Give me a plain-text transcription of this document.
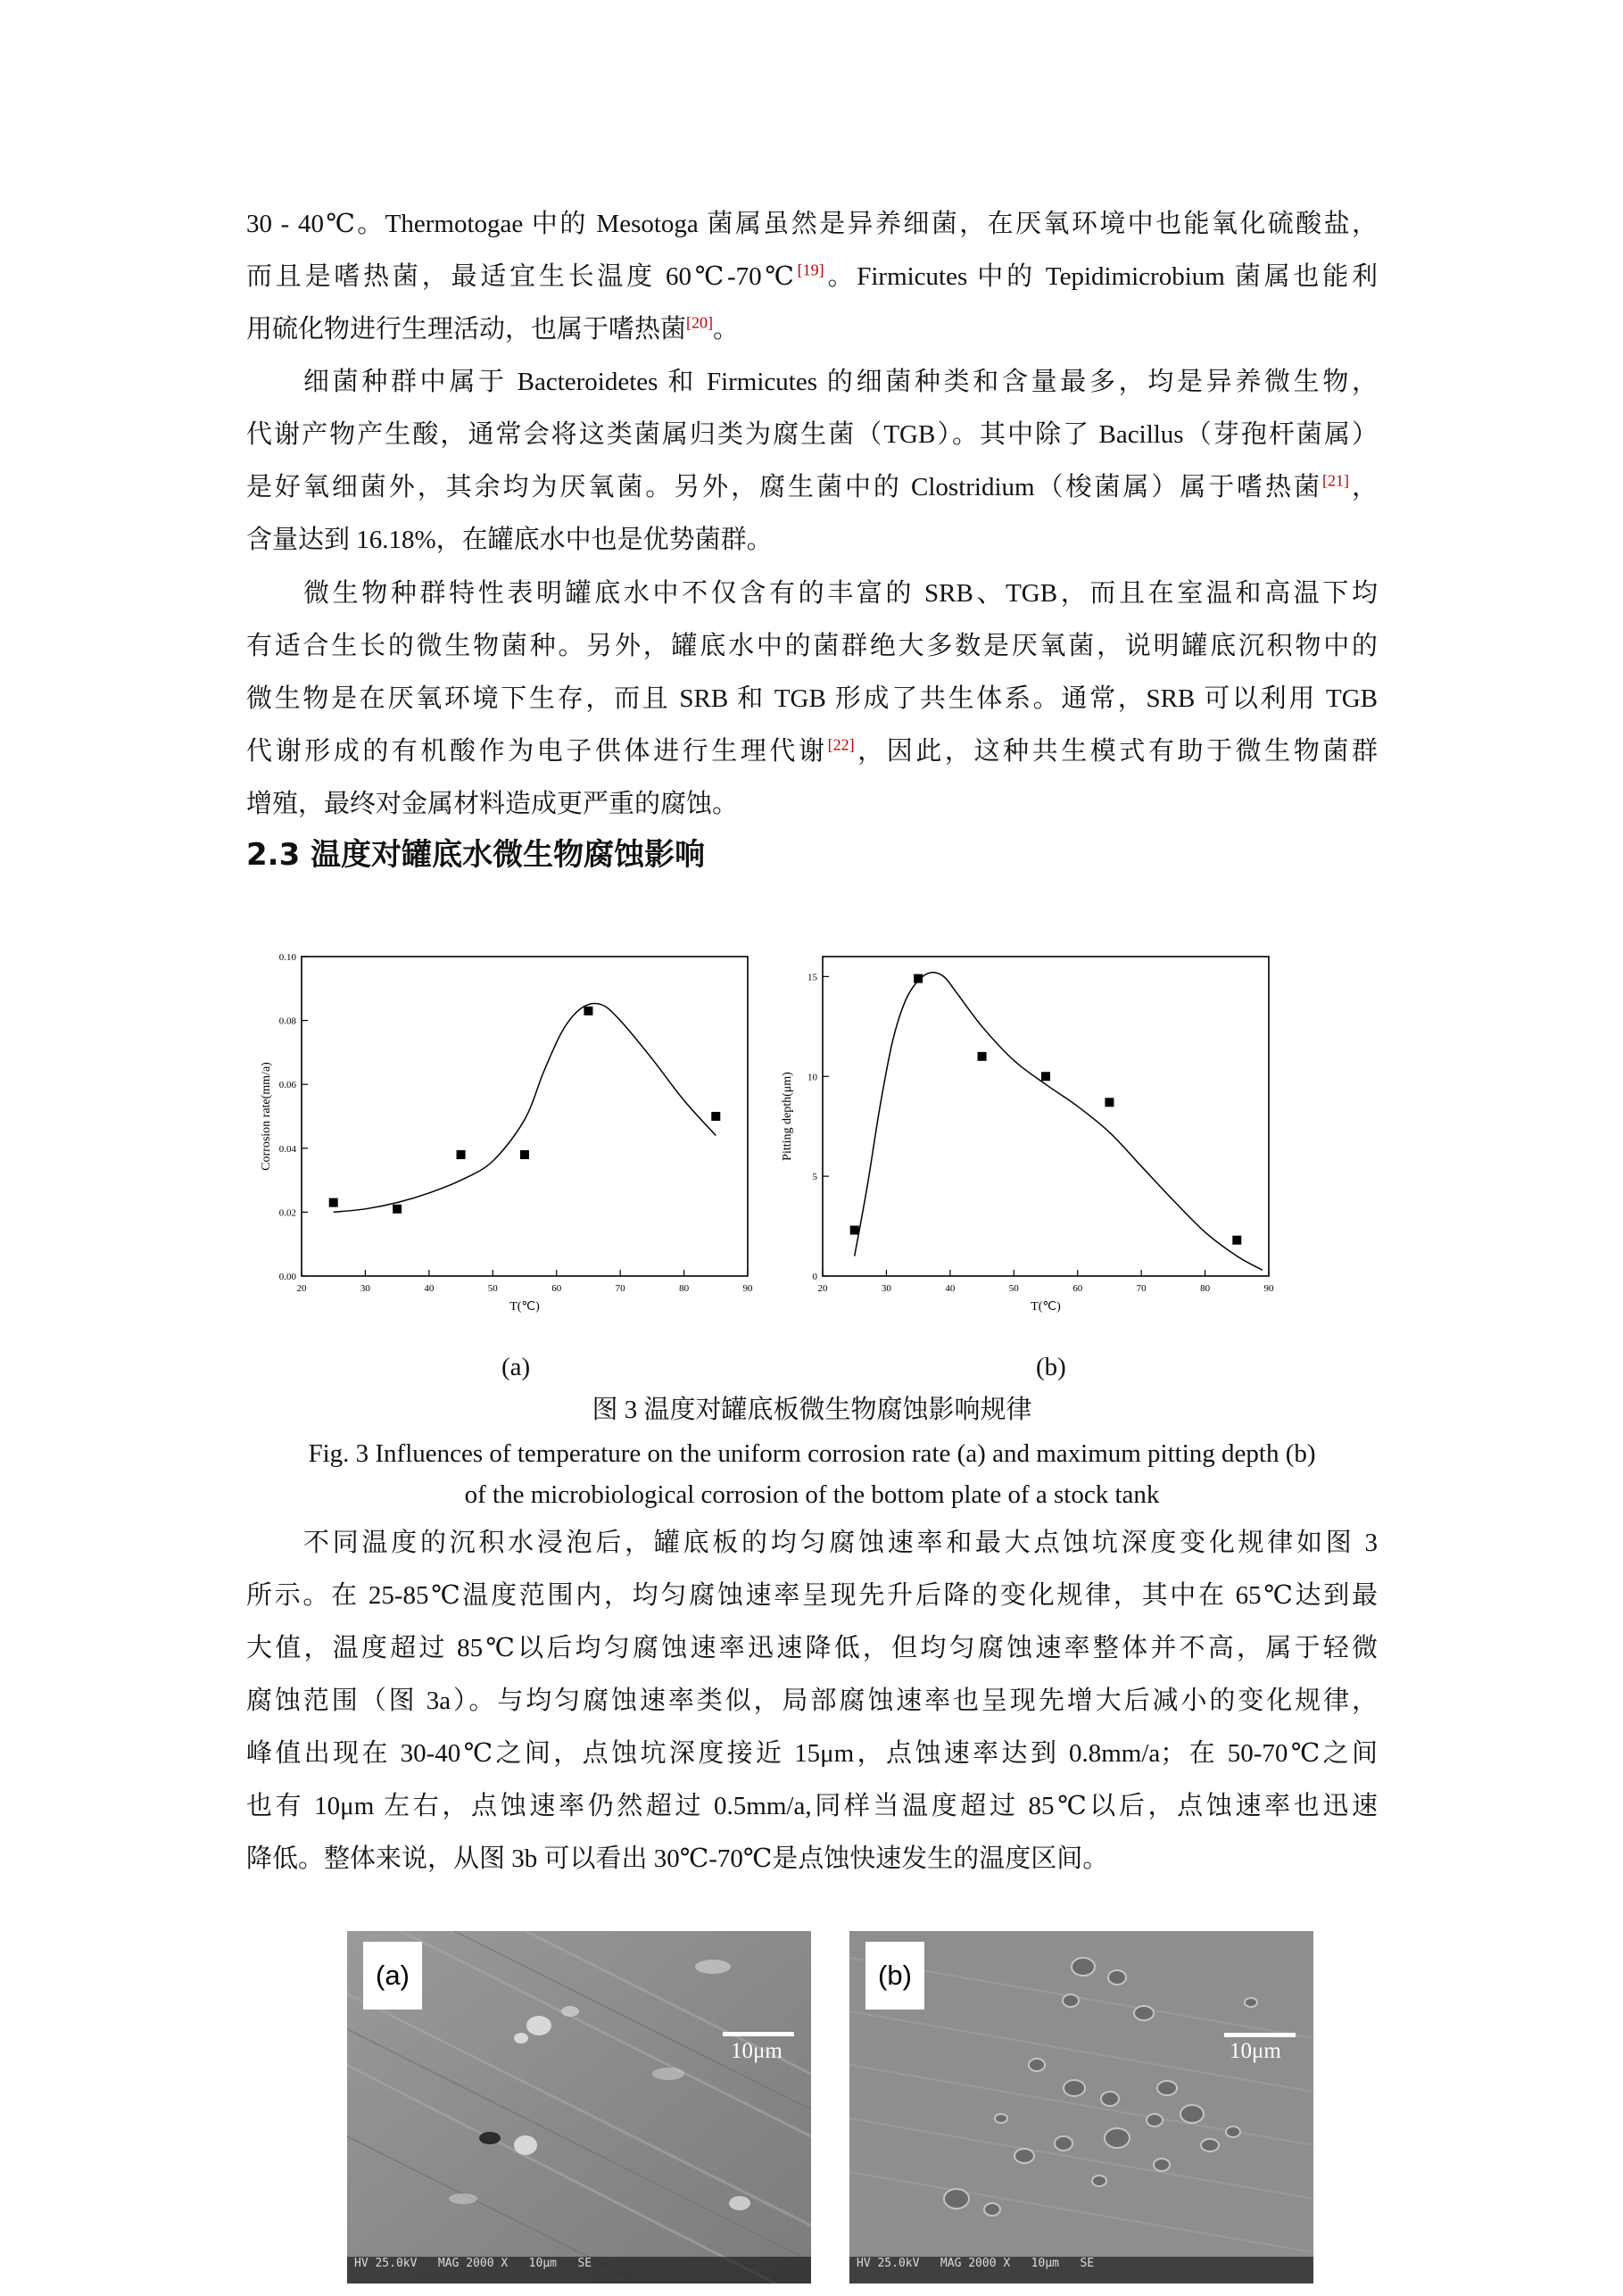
30 - 40℃。Thermotogae 中的 Mesotoga 菌属虽然是异养细菌，在厌氧环境中也能氧化硫酸盐，
而且是嗜热菌，最适宜生长温度 60℃-70℃[19]。Firmicutes 中的 Tepidimicrobium 菌属也能利
用硫化物进行生理活动，也属于嗜热菌[20]。
细菌种群中属于 Bacteroidetes 和 Firmicutes 的细菌种类和含量最多，均是异养微生物，
代谢产物产生酸，通常会将这类菌属归类为腐生菌（TGB）。其中除了 Bacillus（芽孢杆菌属）
是好氧细菌外，其余均为厌氧菌。另外，腐生菌中的 Clostridium（梭菌属）属于嗜热菌[21]，
含量达到 16.18%，在罐底水中也是优势菌群。
微生物种群特性表明罐底水中不仅含有的丰富的 SRB、TGB，而且在室温和高温下均
有适合生长的微生物菌种。另外，罐底水中的菌群绝大多数是厌氧菌，说明罐底沉积物中的
微生物是在厌氧环境下生存，而且 SRB 和 TGB 形成了共生体系。通常，SRB 可以利用 TGB
代谢形成的有机酸作为电子供体进行生理代谢[22]，因此，这种共生模式有助于微生物菌群
增殖，最终对金属材料造成更严重的腐蚀。
2.3 温度对罐底水微生物腐蚀影响
20	30	40	50	60	70	80	90
0.00
0.02
0.04
0.06
0.08
0.10
T(℃)
Corrosion rate(mm/a)
20	30	40	50	60	70	80	90
0
5
10
15
T(℃)
Pitting depth(μm)
(a)	(b)
图 3 温度对罐底板微生物腐蚀影响规律
Fig. 3 Influences of temperature on the uniform corrosion rate (a) and maximum pitting depth (b)
of the microbiological corrosion of the bottom plate of a stock tank
不同温度的沉积水浸泡后，罐底板的均匀腐蚀速率和最大点蚀坑深度变化规律如图 3
所示。在 25-85℃温度范围内，均匀腐蚀速率呈现先升后降的变化规律，其中在 65℃达到最
大值，温度超过 85℃以后均匀腐蚀速率迅速降低，但均匀腐蚀速率整体并不高，属于轻微
腐蚀范围（图 3a）。与均匀腐蚀速率类似，局部腐蚀速率也呈现先增大后减小的变化规律，
峰值出现在 30-40℃之间，点蚀坑深度接近 15μm，点蚀速率达到 0.8mm/a；在 50-70℃之间
也有 10μm 左右，点蚀速率仍然超过 0.5mm/a,同样当温度超过 85℃以后，点蚀速率也迅速
降低。整体来说，从图 3b 可以看出 30℃-70℃是点蚀快速发生的温度区间。
(a)
10μm
HV 25.0kV   MAG 2000 X   10μm   SE
(b)
10μm
HV 25.0kV   MAG 2000 X   10μm   SE
